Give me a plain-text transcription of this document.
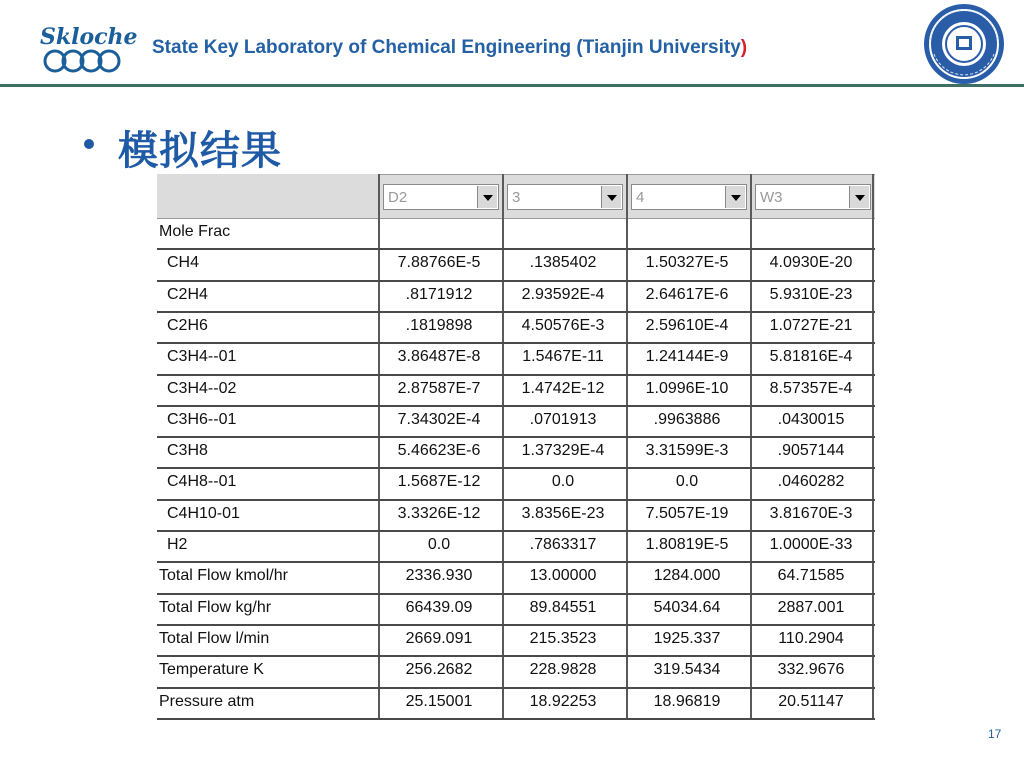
Skloche State Key Laboratory of Chemical Engineering (Tianjin University)
模拟结果
D2	3	4	W3
Mole Frac
CH4	7.88766E-5	.1385402	1.50327E-5	4.0930E-20
C2H4	.8171912	2.93592E-4	2.64617E-6	5.9310E-23
C2H6	.1819898	4.50576E-3	2.59610E-4	1.0727E-21
C3H4--01	3.86487E-8	1.5467E-11	1.24144E-9	5.81816E-4
C3H4--02	2.87587E-7	1.4742E-12	1.0996E-10	8.57357E-4
C3H6--01	7.34302E-4	.0701913	.9963886	.0430015
C3H8	5.46623E-6	1.37329E-4	3.31599E-3	.9057144
C4H8--01	1.5687E-12	0.0	0.0	.0460282
C4H10-01	3.3326E-12	3.8356E-23	7.5057E-19	3.81670E-3
H2	0.0	.7863317	1.80819E-5	1.0000E-33
Total Flow kmol/hr	2336.930	13.00000	1284.000	64.71585
Total Flow kg/hr	66439.09	89.84551	54034.64	2887.001
Total Flow l/min	2669.091	215.3523	1925.337	110.2904
Temperature K	256.2682	228.9828	319.5434	332.9676
Pressure atm	25.15001	18.92253	18.96819	20.51147
17
